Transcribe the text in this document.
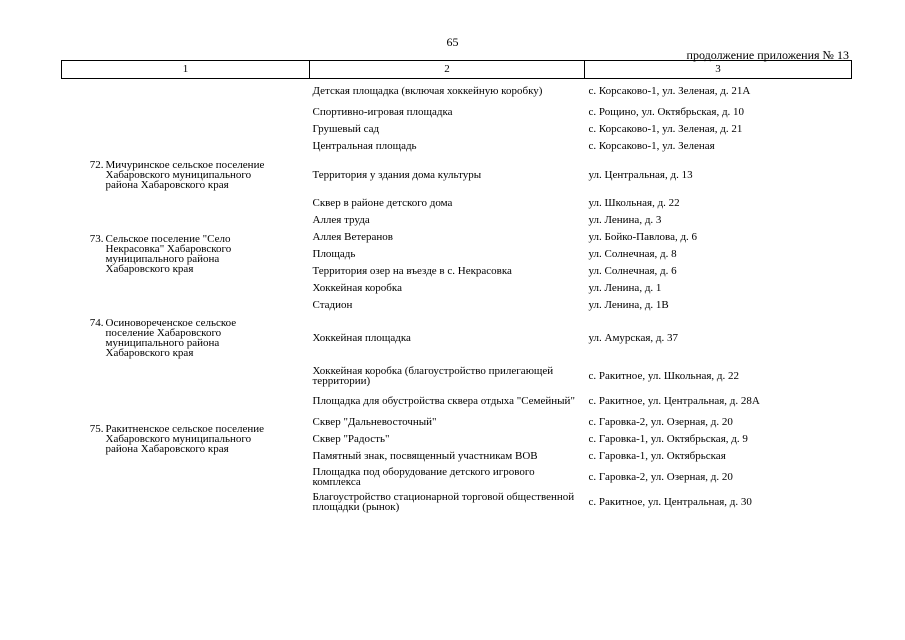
65
продолжение приложения № 13
1	2	3

	Детская площадка (включая хоккейную коробку)	с. Корсаково-1, ул. Зеленая, д. 21А
	Спортивно-игровая площадка	с. Рощино, ул. Октябрьская, д. 10
	Грушевый сад	с. Корсаково-1, ул. Зеленая, д. 21
	Центральная площадь	с. Корсаково-1, ул. Зеленая

72. Мичуринское сельское поселение Хабаровского муниципального района Хабаровского края	Территория у здания дома культуры	ул. Центральная, д. 13

73. Сельское поселение "Село Некрасовка" Хабаровского муниципального района Хабаровского края	Сквер в районе детского дома	ул. Школьная, д. 22
	Аллея труда	ул. Ленина, д. 3
	Аллея Ветеранов	ул. Бойко-Павлова, д. 6
	Площадь	ул. Солнечная, д. 8
	Территория озер на въезде в с. Некрасовка	ул. Солнечная, д. 6
	Хоккейная коробка	ул. Ленина, д. 1
	Стадион	ул. Ленина, д. 1В

74. Осиновореченское сельское поселение Хабаровского муниципального района Хабаровского края	Хоккейная площадка	ул. Амурская, д. 37

75. Ракитненское сельское поселение Хабаровского муниципального района Хабаровского края	Хоккейная коробка (благоустройство прилегающей территории)	с. Ракитное, ул. Школьная, д. 22
	Площадка для обустройства сквера отдыха "Семейный"	с. Ракитное, ул. Центральная, д. 28А
	Сквер "Дальневосточный"	с. Гаровка-2, ул. Озерная, д. 20
	Сквер "Радость"	с. Гаровка-1, ул. Октябрьская, д. 9
	Памятный знак, посвященный участникам ВОВ	с. Гаровка-1, ул. Октябрьская
	Площадка под оборудование детского игрового комплекса	с. Гаровка-2, ул. Озерная, д. 20
	Благоустройство стационарной торговой общественной площадки (рынок)	с. Ракитное, ул. Центральная, д. 30
